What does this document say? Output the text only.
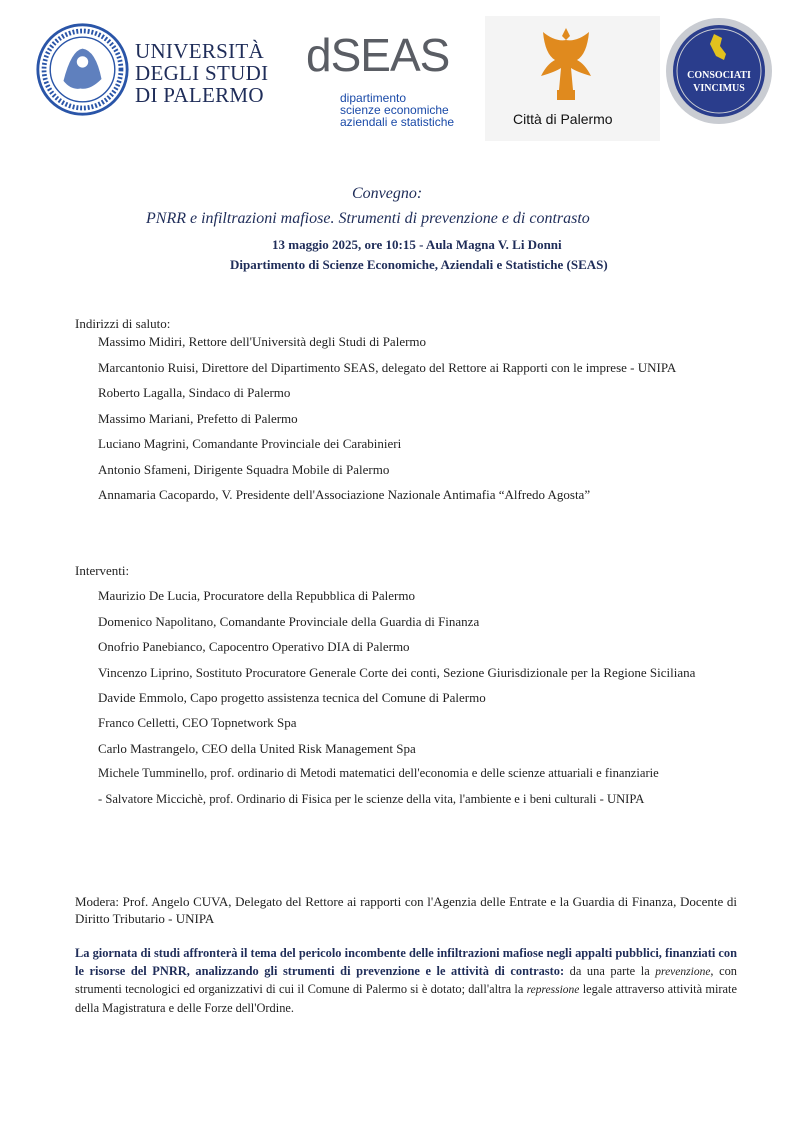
UNIVERSITÀ
DEGLI STUDI
DI PALERMO
dSEAS
dipartimento
scienze economiche
aziendali e statistiche	Città di Palermo
CONSOCIATI
VINCIMUS
Convegno:
PNRR e infiltrazioni mafiose. Strumenti di prevenzione e di contrasto
13 maggio 2025, ore 10:15 - Aula Magna V. Li Donni
Dipartimento di Scienze Economiche, Aziendali e Statistiche (SEAS)
Indirizzi di saluto:
Massimo Midiri, Rettore dell'Università degli Studi di Palermo
Marcantonio Ruisi, Direttore del Dipartimento SEAS, delegato del Rettore ai Rapporti con le imprese - UNIPA
Roberto Lagalla, Sindaco di Palermo
Massimo Mariani, Prefetto di Palermo
Luciano Magrini, Comandante Provinciale dei Carabinieri
Antonio Sfameni, Dirigente Squadra Mobile di Palermo
Annamaria Cacopardo, V. Presidente dell'Associazione Nazionale Antimafia “Alfredo Agosta”
Interventi:
Maurizio De Lucia, Procuratore della Repubblica di Palermo
Domenico Napolitano, Comandante Provinciale della Guardia di Finanza
Onofrio Panebianco, Capocentro Operativo DIA di Palermo
Vincenzo Liprino, Sostituto Procuratore Generale Corte dei conti, Sezione Giurisdizionale per la Regione Siciliana
Davide Emmolo, Capo progetto assistenza tecnica del Comune di Palermo
Franco Celletti, CEO Topnetwork Spa
Carlo Mastrangelo, CEO della United Risk Management Spa
Michele Tumminello, prof. ordinario di Metodi matematici dell'economia e delle scienze attuariali e finanziarie
- Salvatore Miccichè, prof. Ordinario di Fisica per le scienze della vita, l'ambiente e i beni culturali - UNIPA
Modera: Prof. Angelo CUVA, Delegato del Rettore ai rapporti con l'Agenzia delle Entrate e la Guardia di Finanza, Docente di Diritto Tributario - UNIPA
La giornata di studi affronterà il tema del pericolo incombente delle infiltrazioni mafiose negli appalti pubblici, finanziati con le risorse del PNRR, analizzando gli strumenti di prevenzione e le attività di contrasto: da una parte la prevenzione, con strumenti tecnologici ed organizzativi di cui il Comune di Palermo si è dotato; dall'altra la repressione legale attraverso attività mirate della Magistratura e delle Forze dell'Ordine.
